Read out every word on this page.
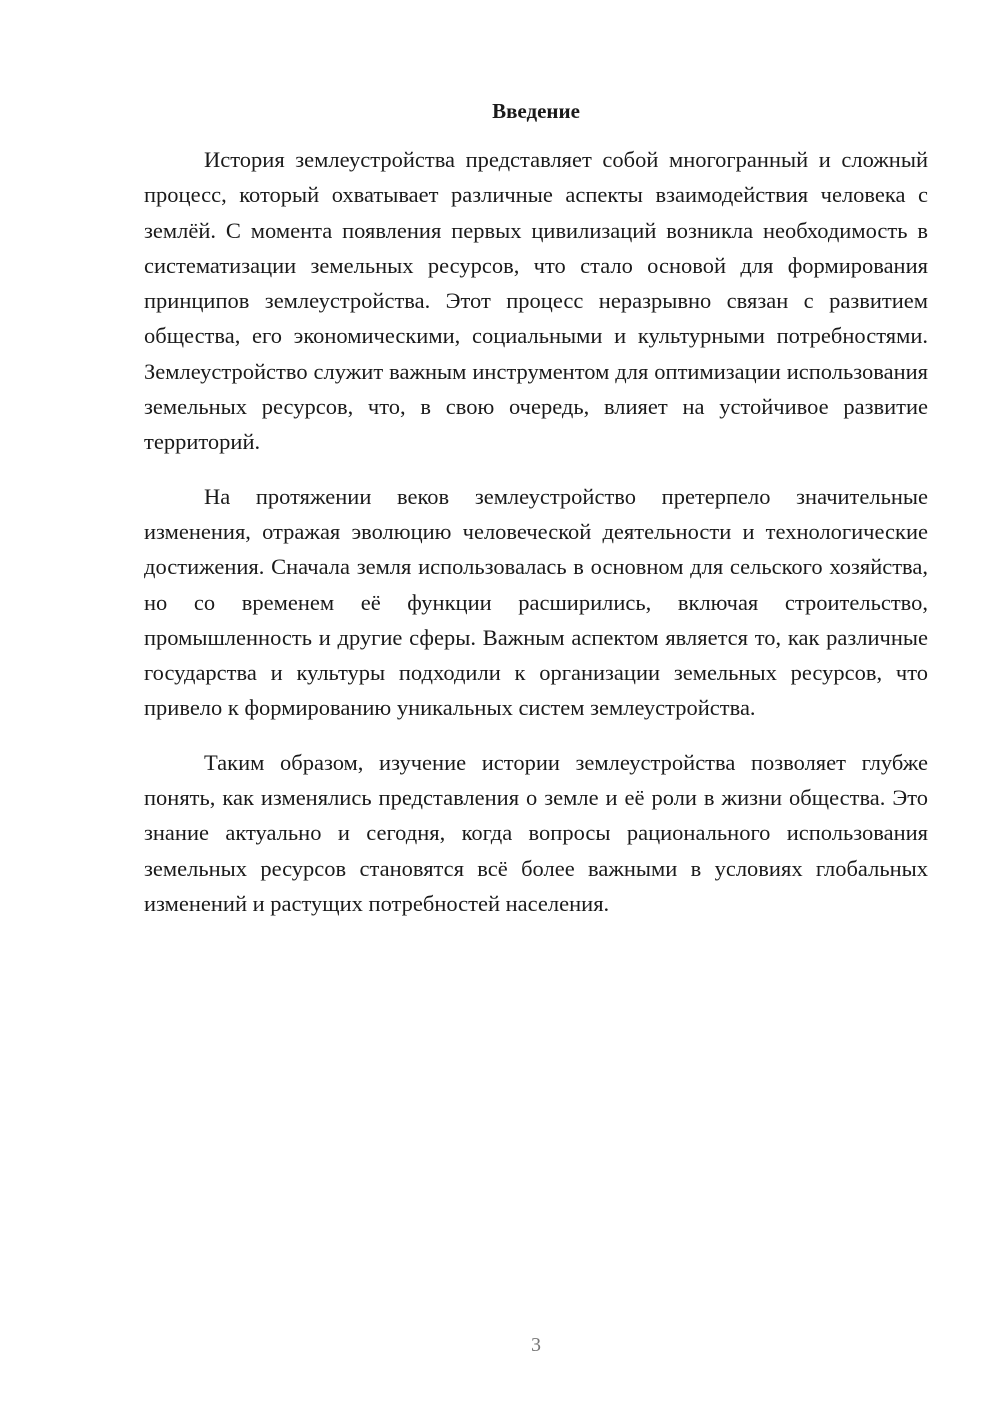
Введение

История землеустройства представляет собой многогранный и сложный процесс, который охватывает различные аспекты взаимодействия человека с землёй. С момента появления первых цивилизаций возникла необходимость в систематизации земельных ресурсов, что стало основой для формирования принципов землеустройства. Этот процесс неразрывно связан с развитием общества, его экономическими, социальными и культурными потребностями. Землеустройство служит важным инструментом для оптимизации использования земельных ресурсов, что, в свою очередь, влияет на устойчивое развитие территорий.

На протяжении веков землеустройство претерпело значительные изменения, отражая эволюцию человеческой деятельности и технологические достижения. Сначала земля использовалась в основном для сельского хозяйства, но со временем её функции расширились, включая строительство, промышленность и другие сферы. Важным аспектом является то, как различные государства и культуры подходили к организации земельных ресурсов, что привело к формированию уникальных систем землеустройства.

Таким образом, изучение истории землеустройства позволяет глубже понять, как изменялись представления о земле и её роли в жизни общества. Это знание актуально и сегодня, когда вопросы рационального использования земельных ресурсов становятся всё более важными в условиях глобальных изменений и растущих потребностей населения.

3
